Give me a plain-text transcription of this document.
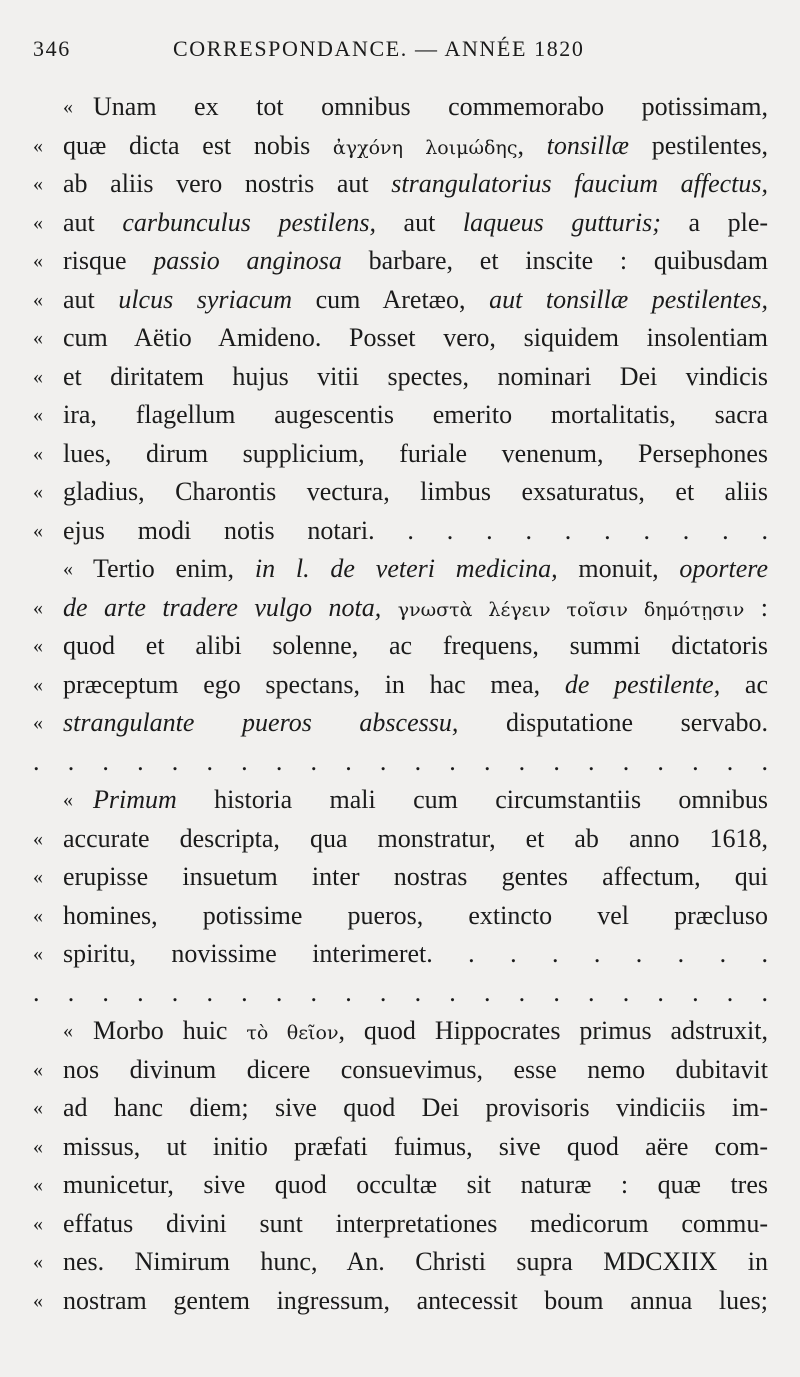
346	CORRESPONDANCE. — ANNÉE 1820
« Unam ex tot omnibus commemorabo potissimam,
« quæ dicta est nobis ἀγχόνη λοιμώδης, tonsillæ pestilentes,
« ab aliis vero nostris aut strangulatorius faucium affectus,
« aut carbunculus pestilens, aut laqueus gutturis; a ple-
« risque passio anginosa barbare, et inscite : quibusdam
« aut ulcus syriacum cum Aretæo, aut tonsillæ pestilentes,
« cum Aëtio Amideno. Posset vero, siquidem insolentiam
« et diritatem hujus vitii spectes, nominari Dei vindicis
« ira, flagellum augescentis emerito mortalitatis, sacra
« lues, dirum supplicium, furiale venenum, Persephones
« gladius, Charontis vectura, limbus exsaturatus, et aliis
« ejus modi notis notari. . . . . . . . . . .
« Tertio enim, in l. de veteri medicina, monuit, oportere
« de arte tradere vulgo nota, γνωστὰ λέγειν τοῖσιν δημότῃσιν :
« quod et alibi solenne, ac frequens, summi dictatoris
« præceptum ego spectans, in hac mea, de pestilente, ac
« strangulante pueros abscessu, disputatione servabo.
. . . . . . . . . . . . . . . . . . . . . .
« Primum historia mali cum circumstantiis omnibus
« accurate descripta, qua monstratur, et ab anno 1618,
« erupisse insuetum inter nostras gentes affectum, qui
« homines, potissime pueros, extincto vel præcluso
« spiritu, novissime interimeret. . . . . . . . .
. . . . . . . . . . . . . . . . . . . . . .
« Morbo huic τὸ θεῖον, quod Hippocrates primus adstruxit,
« nos divinum dicere consuevimus, esse nemo dubitavit
« ad hanc diem; sive quod Dei provisoris vindiciis im-
« missus, ut initio præfati fuimus, sive quod aëre com-
« municetur, sive quod occultæ sit naturæ : quæ tres
« effatus divini sunt interpretationes medicorum commu-
« nes. Nimirum hunc, An. Christi supra MDCXIIX in
« nostram gentem ingressum, antecessit boum annua lues;
